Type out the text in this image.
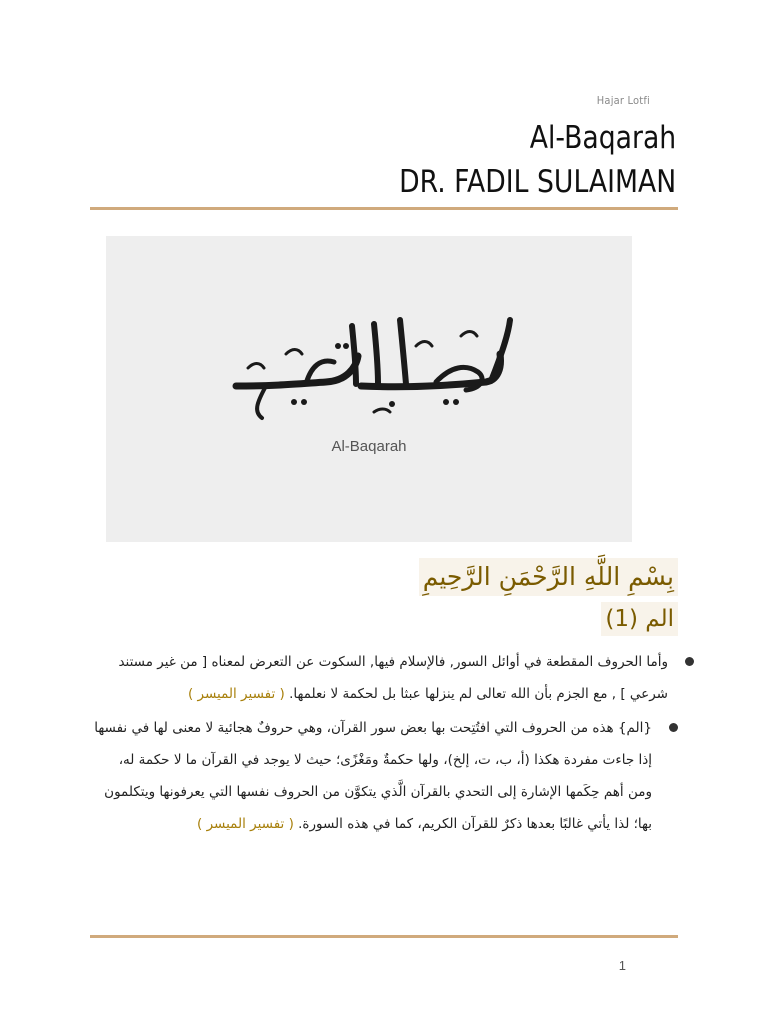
Hajar Lotfi
Al-Baqarah
DR. FADIL SULAIMAN
Al-Baqarah
بِسْمِ اللَّهِ الرَّحْمَنِ الرَّحِيمِ
الم (1)
وأما الحروف المقطعة في أوائل السور, فالإسلام فيها, السكوت عن التعرض لمعناه [ من غير مستند شرعي ] , مع الجزم بأن الله تعالى لم ينزلها عبثا بل لحكمة لا نعلمها. ( تفسير الميسر )
{الم} هذه من الحروف التي افتُتِحت بها بعض سور القرآن، وهي حروفٌ هجائية لا معنى لها في نفسها إذا جاءت مفردة هكذا (أ، ب، ت، إلخ)، ولها حكمةٌ ومَغْزًى؛ حيث لا يوجد في القرآن ما لا حكمة له، ومن أهم حِكَمها الإشارة إلى التحدي بالقرآن الَّذي يتكوَّن من الحروف نفسها التي يعرفونها ويتكلمون بها؛ لذا يأتي غالبًا بعدها ذكرٌ للقرآن الكريم، كما في هذه السورة. ( تفسير الميسر )
1
